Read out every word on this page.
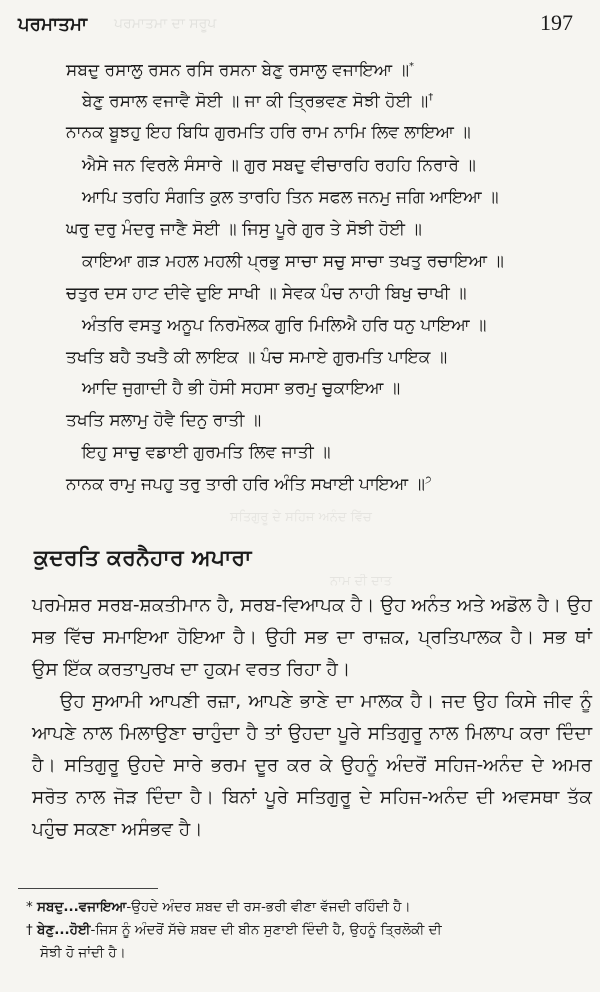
ਪਰਮਾਤਮਾ ਦਾ ਸਰੂਪ
ਪਰਮਾਤਮਾ	197
ਸਬਦੁ ਰਸਾਲੁ ਰਸਨ ਰਸਿ ਰਸਨਾ ਬੇਣੁ ਰਸਾਲੁ ਵਜਾਇਆ ॥*
ਬੇਣੁ ਰਸਾਲ ਵਜਾਵੈ ਸੋਈ ॥ ਜਾ ਕੀ ਤ੍ਰਿਭਵਣ ਸੋਝੀ ਹੋਈ ॥†
ਨਾਨਕ ਬੂਝਹੁ ਇਹ ਬਿਧਿ ਗੁਰਮਤਿ ਹਰਿ ਰਾਮ ਨਾਮਿ ਲਿਵ ਲਾਇਆ ॥
ਐਸੇ ਜਨ ਵਿਰਲੇ ਸੰਸਾਰੇ ॥ ਗੁਰ ਸਬਦੁ ਵੀਚਾਰਹਿ ਰਹਹਿ ਨਿਰਾਰੇ ॥
ਆਪਿ ਤਰਹਿ ਸੰਗਤਿ ਕੁਲ ਤਾਰਹਿ ਤਿਨ ਸਫਲ ਜਨਮੁ ਜਗਿ ਆਇਆ ॥
ਘਰੁ ਦਰੁ ਮੰਦਰੁ ਜਾਣੈ ਸੋਈ ॥ ਜਿਸੁ ਪੂਰੇ ਗੁਰ ਤੇ ਸੋਝੀ ਹੋਈ ॥
ਕਾਇਆ ਗੜ ਮਹਲ ਮਹਲੀ ਪ੍ਰਭੁ ਸਾਚਾ ਸਚੁ ਸਾਚਾ ਤਖਤੁ ਰਚਾਇਆ ॥
ਚਤੁਰ ਦਸ ਹਾਟ ਦੀਵੇ ਦੁਇ ਸਾਖੀ ॥ ਸੇਵਕ ਪੰਚ ਨਾਹੀ ਬਿਖੁ ਚਾਖੀ ॥
ਅੰਤਰਿ ਵਸਤੁ ਅਨੂਪ ਨਿਰਮੋਲਕ ਗੁਰਿ ਮਿਲਿਐ ਹਰਿ ਧਨੁ ਪਾਇਆ ॥
ਤਖਤਿ ਬਹੈ ਤਖਤੈ ਕੀ ਲਾਇਕ ॥ ਪੰਚ ਸਮਾਏ ਗੁਰਮਤਿ ਪਾਇਕ ॥
ਆਦਿ ਜੁਗਾਦੀ ਹੈ ਭੀ ਹੋਸੀ ਸਹਸਾ ਭਰਮੁ ਚੁਕਾਇਆ ॥
ਤਖਤਿ ਸਲਾਮੁ ਹੋਵੈ ਦਿਨੁ ਰਾਤੀ ॥
ਇਹੁ ਸਾਚੁ ਵਡਾਈ ਗੁਰਮਤਿ ਲਿਵ ਜਾਤੀ ॥
ਨਾਨਕ ਰਾਮੁ ਜਪਹੁ ਤਰੁ ਤਾਰੀ ਹਰਿ ਅੰਤਿ ਸਖਾਈ ਪਾਇਆ ॥$^੭$
ਸਤਿਗੁਰੂ ਦੇ ਸਹਿਜ ਅਨੰਦ ਵਿੱਚ
ਨਾਮ ਦੀ ਦਾਤ
ਕੁਦਰਤਿ ਕਰਨੈਹਾਰ ਅਪਾਰਾ

ਪਰਮੇਸ਼ਰ ਸਰਬ-ਸ਼ਕਤੀਮਾਨ ਹੈ, ਸਰਬ-ਵਿਆਪਕ ਹੈ। ਉਹ ਅਨੰਤ ਅਤੇ ਅਡੋਲ ਹੈ। ਉਹ ਸਭ ਵਿੱਚ ਸਮਾਇਆ ਹੋਇਆ ਹੈ। ਉਹੀ ਸਭ ਦਾ ਰਾਜ਼ਕ, ਪ੍ਰਤਿਪਾਲਕ ਹੈ। ਸਭ ਥਾਂ ਉਸ ਇੱਕ ਕਰਤਾਪੁਰਖ ਦਾ ਹੁਕਮ ਵਰਤ ਰਿਹਾ ਹੈ।

ਉਹ ਸੁਆਮੀ ਆਪਣੀ ਰਜ਼ਾ, ਆਪਣੇ ਭਾਣੇ ਦਾ ਮਾਲਕ ਹੈ। ਜਦ ਉਹ ਕਿਸੇ ਜੀਵ ਨੂੰ ਆਪਣੇ ਨਾਲ ਮਿਲਾਉਣਾ ਚਾਹੁੰਦਾ ਹੈ ਤਾਂ ਉਹਦਾ ਪੂਰੇ ਸਤਿਗੁਰੂ ਨਾਲ ਮਿਲਾਪ ਕਰਾ ਦਿੰਦਾ ਹੈ। ਸਤਿਗੁਰੂ ਉਹਦੇ ਸਾਰੇ ਭਰਮ ਦੂਰ ਕਰ ਕੇ ਉਹਨੂੰ ਅੰਦਰੋਂ ਸਹਿਜ-ਅਨੰਦ ਦੇ ਅਮਰ ਸਰੋਤ ਨਾਲ ਜੋੜ ਦਿੰਦਾ ਹੈ। ਬਿਨਾਂ ਪੂਰੇ ਸਤਿਗੁਰੂ ਦੇ ਸਹਿਜ-ਅਨੰਦ ਦੀ ਅਵਸਥਾ ਤੱਕ ਪਹੁੰਚ ਸਕਣਾ ਅਸੰਭਵ ਹੈ।

* ਸਬਦੁ...ਵਜਾਇਆ-ਉਹਦੇ ਅੰਦਰ ਸ਼ਬਦ ਦੀ ਰਸ-ਭਰੀ ਵੀਣਾ ਵੱਜਦੀ ਰਹਿੰਦੀ ਹੈ।
† ਬੇਣੁ...ਹੋਈ-ਜਿਸ ਨੂੰ ਅੰਦਰੋਂ ਸੱਚੇ ਸ਼ਬਦ ਦੀ ਬੀਨ ਸੁਣਾਈ ਦਿੰਦੀ ਹੈ, ਉਹਨੂੰ ਤ੍ਰਿਲੋਕੀ ਦੀ
ਸੋਝੀ ਹੋ ਜਾਂਦੀ ਹੈ।
